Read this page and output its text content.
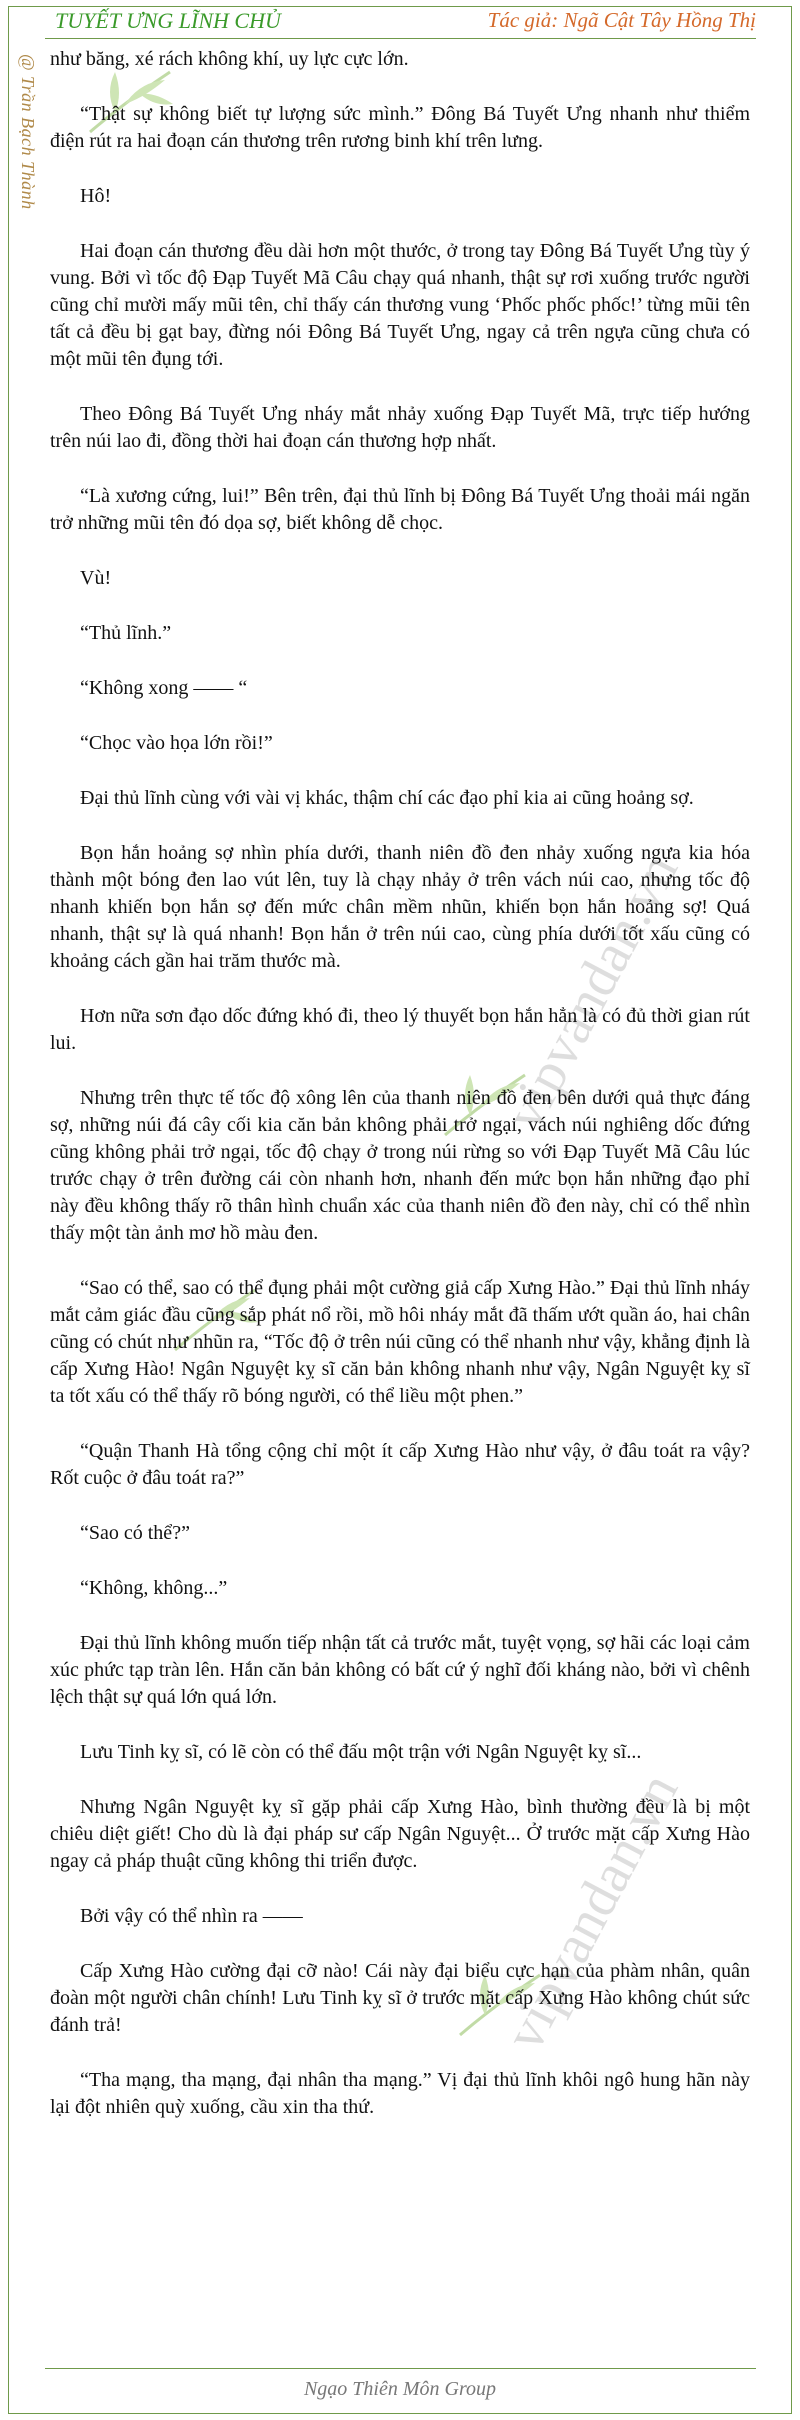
TUYẾT ƯNG LĨNH CHỦ	Tác giả: Ngã Cật Tây Hồng Thị
@ Trần Bạch Thành
vipvandan.vn
vipvandan.vn

như băng, xé rách không khí, uy lực cực lớn.

“Thật sự không biết tự lượng sức mình.” Đông Bá Tuyết Ưng nhanh như thiểm điện rút ra hai đoạn cán thương trên rương binh khí trên lưng.

Hô!

Hai đoạn cán thương đều dài hơn một thước, ở trong tay Đông Bá Tuyết Ưng tùy ý vung. Bởi vì tốc độ Đạp Tuyết Mã Câu chạy quá nhanh, thật sự rơi xuống trước người cũng chỉ mười mấy mũi tên, chỉ thấy cán thương vung ‘Phốc phốc phốc!’ từng mũi tên tất cả đều bị gạt bay, đừng nói Đông Bá Tuyết Ưng, ngay cả trên ngựa cũng chưa có một mũi tên đụng tới.

Theo Đông Bá Tuyết Ưng nháy mắt nhảy xuống Đạp Tuyết Mã, trực tiếp hướng trên núi lao đi, đồng thời hai đoạn cán thương hợp nhất.

“Là xương cứng, lui!” Bên trên, đại thủ lĩnh bị Đông Bá Tuyết Ưng thoải mái ngăn trở những mũi tên đó dọa sợ, biết không dễ chọc.

Vù!

“Thủ lĩnh.”

“Không xong —— “

“Chọc vào họa lớn rồi!”

Đại thủ lĩnh cùng với vài vị khác, thậm chí các đạo phỉ kia ai cũng hoảng sợ.

Bọn hắn hoảng sợ nhìn phía dưới, thanh niên đồ đen nhảy xuống ngựa kia hóa thành một bóng đen lao vút lên, tuy là chạy nhảy ở trên vách núi cao, nhưng tốc độ nhanh khiến bọn hắn sợ đến mức chân mềm nhũn, khiến bọn hắn hoảng sợ! Quá nhanh, thật sự là quá nhanh! Bọn hắn ở trên núi cao, cùng phía dưới tốt xấu cũng có khoảng cách gần hai trăm thước mà.

Hơn nữa sơn đạo dốc đứng khó đi, theo lý thuyết bọn hắn hẳn là có đủ thời gian rút lui.

Nhưng trên thực tế tốc độ xông lên của thanh niên đồ đen bên dưới quả thực đáng sợ, những núi đá cây cối kia căn bản không phải trở ngại, vách núi nghiêng dốc đứng cũng không phải trở ngại, tốc độ chạy ở trong núi rừng so với Đạp Tuyết Mã Câu lúc trước chạy ở trên đường cái còn nhanh hơn, nhanh đến mức bọn hắn những đạo phỉ này đều không thấy rõ thân hình chuẩn xác của thanh niên đồ đen này, chỉ có thể nhìn thấy một tàn ảnh mơ hồ màu đen.

“Sao có thể, sao có thể đụng phải một cường giả cấp Xưng Hào.” Đại thủ lĩnh nháy mắt cảm giác đầu cũng sắp phát nổ rồi, mồ hôi nháy mắt đã thấm ướt quần áo, hai chân cũng có chút như nhũn ra, “Tốc độ ở trên núi cũng có thể nhanh như vậy, khẳng định là cấp Xưng Hào! Ngân Nguyệt kỵ sĩ căn bản không nhanh như vậy, Ngân Nguyệt kỵ sĩ ta tốt xấu có thể thấy rõ bóng người, có thể liều một phen.”

“Quận Thanh Hà tổng cộng chỉ một ít cấp Xưng Hào như vậy, ở đâu toát ra vậy? Rốt cuộc ở đâu toát ra?”

“Sao có thể?”

“Không, không...”

Đại thủ lĩnh không muốn tiếp nhận tất cả trước mắt, tuyệt vọng, sợ hãi các loại cảm xúc phức tạp tràn lên. Hắn căn bản không có bất cứ ý nghĩ đối kháng nào, bởi vì chênh lệch thật sự quá lớn quá lớn.

Lưu Tinh kỵ sĩ, có lẽ còn có thể đấu một trận với Ngân Nguyệt kỵ sĩ...

Nhưng Ngân Nguyệt kỵ sĩ gặp phải cấp Xưng Hào, bình thường đều là bị một chiêu diệt giết! Cho dù là đại pháp sư cấp Ngân Nguyệt... Ở trước mặt cấp Xưng Hào ngay cả pháp thuật cũng không thi triển được.

Bởi vậy có thể nhìn ra ——

Cấp Xưng Hào cường đại cỡ nào! Cái này đại biểu cực hạn của phàm nhân, quân đoàn một người chân chính! Lưu Tinh kỵ sĩ ở trước mặt cấp Xưng Hào không chút sức đánh trả!

“Tha mạng, tha mạng, đại nhân tha mạng.” Vị đại thủ lĩnh khôi ngô hung hãn này lại đột nhiên quỳ xuống, cầu xin tha thứ.

Ngạo Thiên Môn Group
